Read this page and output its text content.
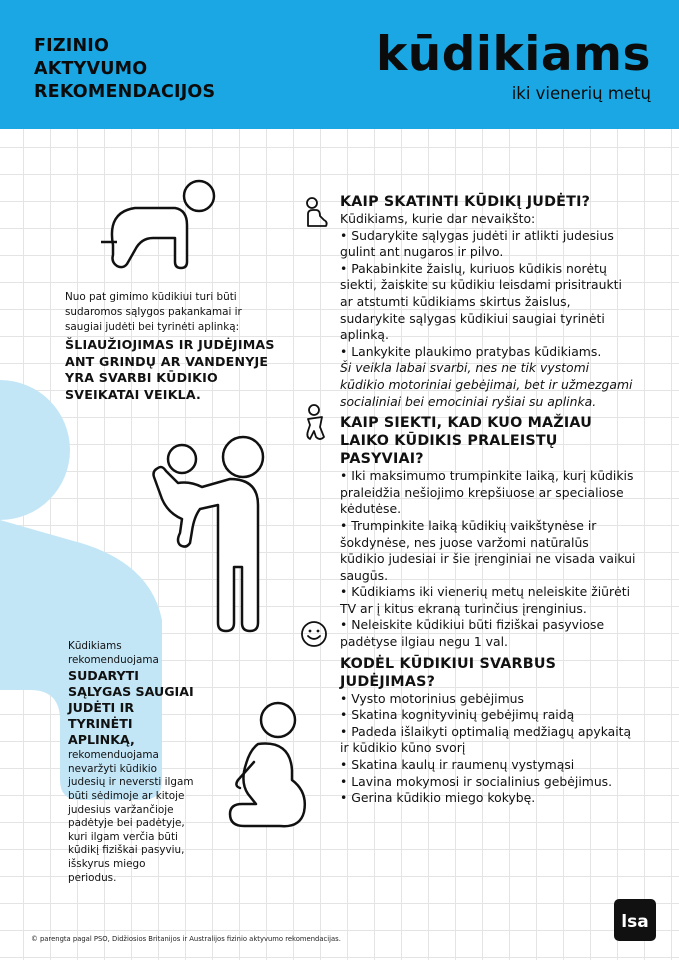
FIZINIO
AKTYVUMO
REKOMENDACIJOS
kūdikiams

iki vienerių metų

Nuo pat gimimo kūdikiui turi būti sudaromos sąlygos pakankamai ir saugiai judėti bei tyrinėti aplinką:

ŠLIAUŽIOJIMAS IR JUDĖJIMAS ANT GRINDŲ AR VANDENYJE YRA SVARBI KŪDIKIO SVEIKATAI VEIKLA.

Kūdikiams rekomenduojama

SUDARYTI SĄLYGAS SAUGIAI JUDĖTI IR TYRINĖTI APLINKĄ,

rekomenduojama nevaržyti kūdikio judesių ir neversti ilgam būti sėdimoje ar kitoje judesius varžančioje padėtyje bei padėtyje, kuri ilgam verčia būti kūdikį fiziškai pasyviu, išskyrus miego periodus.

KAIP SKATINTI KŪDIKĮ JUDĖTI?

Kūdikiams, kurie dar nevaikšto:

• Sudarykite sąlygas judėti ir atlikti judesius gulint ant nugaros ir pilvo.
• Pakabinkite žaislų, kuriuos kūdikis norėtų siekti, žaiskite su kūdikiu leisdami prisitraukti ar atstumti kūdikiams skirtus žaislus, sudarykite sąlygas kūdikiui saugiai tyrinėti aplinką.
• Lankykite plaukimo pratybas kūdikiams.

Ši veikla labai svarbi, nes ne tik vystomi kūdikio motoriniai gebėjimai, bet ir užmezgami socialiniai bei emociniai ryšiai su aplinka.

KAIP SIEKTI, KAD KUO MAŽIAU LAIKO KŪDIKIS PRALEISTŲ PASYVIAI?
• Iki maksimumo trumpinkite laiką, kurį kūdikis praleidžia nešiojimo krepšiuose ar specialiose kėdutėse.
• Trumpinkite laiką kūdikių vaikštynėse ir šokdynėse, nes juose varžomi natūralūs kūdikio judesiai ir šie įrenginiai ne visada vaikui saugūs.
• Kūdikiams iki vienerių metų neleiskite žiūrėti TV ar į kitus ekraną turinčius įrenginius.
• Neleiskite kūdikiui būti fiziškai pasyviose padėtyse ilgiau negu 1 val.
KODĖL KŪDIKIUI SVARBUS JUDĖJIMAS?
• Vysto motorinius gebėjimus
• Skatina kognityvinių gebėjimų raidą
• Padeda išlaikyti optimalią medžiagų apykaitą ir kūdikio kūno svorį
• Skatina kaulų ir raumenų vystymąsi
• Lavina mokymosi ir socialinius gebėjimus.
• Gerina kūdikio miego kokybę.

© parengta pagal PSO, Didžiosios Britanijos ir Australijos fizinio aktyvumo rekomendacijas.

lsa
